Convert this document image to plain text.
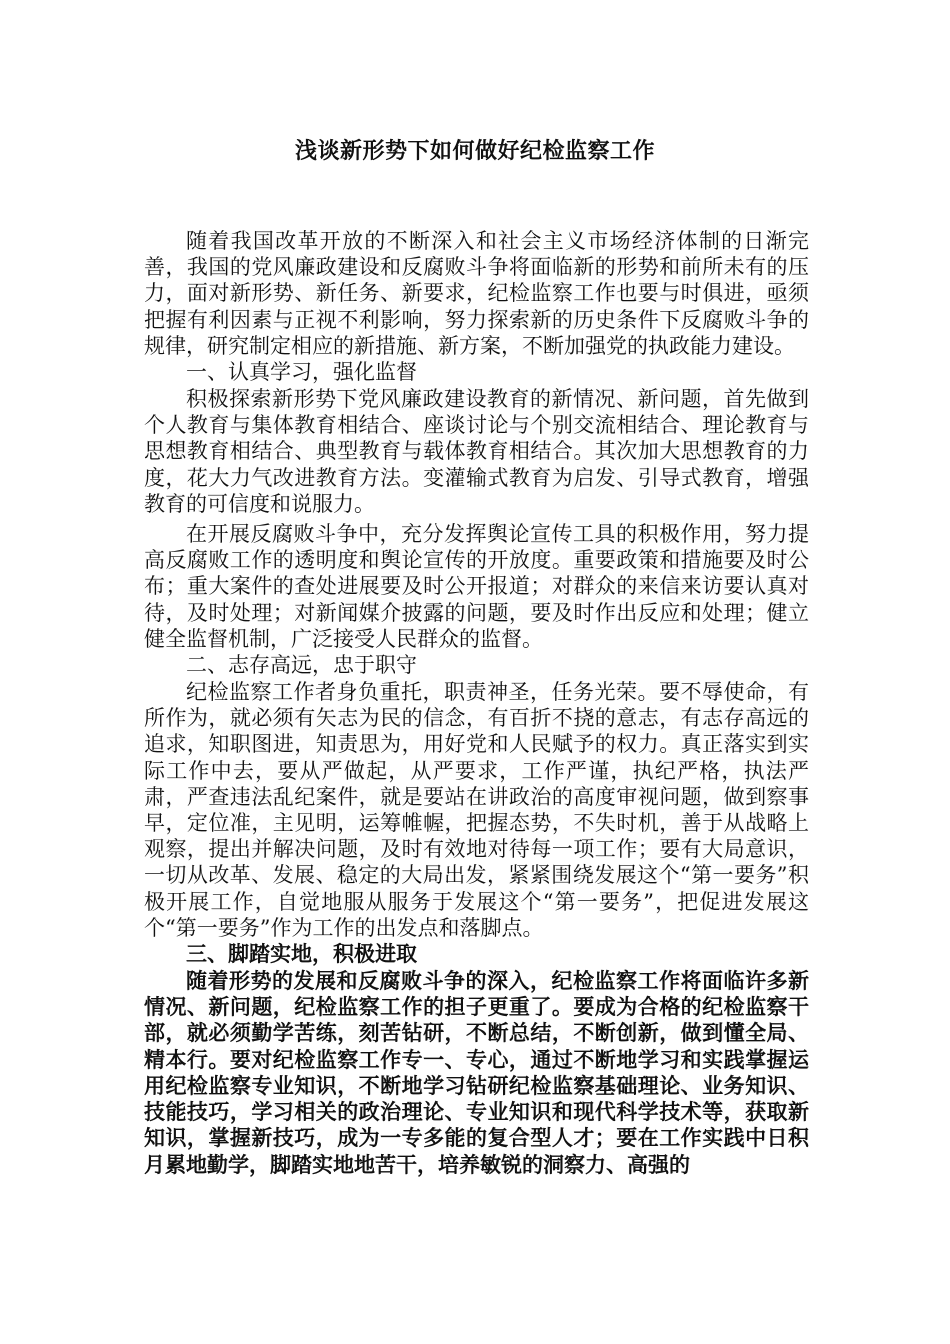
浅谈新形势下如何做好纪检监察工作

随着我国改革开放的不断深入和社会主义市场经济体制的日渐完善，我国的党风廉政建设和反腐败斗争将面临新的形势和前所未有的压力，面对新形势、新任务、新要求，纪检监察工作也要与时俱进，亟须把握有利因素与正视不利影响，努力探索新的历史条件下反腐败斗争的规律，研究制定相应的新措施、新方案，不断加强党的执政能力建设。

一、认真学习，强化监督

积极探索新形势下党风廉政建设教育的新情况、新问题，首先做到个人教育与集体教育相结合、座谈讨论与个别交流相结合、理论教育与思想教育相结合、典型教育与载体教育相结合。其次加大思想教育的力度，花大力气改进教育方法。变灌输式教育为启发、引导式教育，增强教育的可信度和说服力。

在开展反腐败斗争中，充分发挥舆论宣传工具的积极作用，努力提高反腐败工作的透明度和舆论宣传的开放度。重要政策和措施要及时公布；重大案件的查处进展要及时公开报道；对群众的来信来访要认真对待，及时处理；对新闻媒介披露的问题，要及时作出反应和处理；健立健全监督机制，广泛接受人民群众的监督。

二、志存高远，忠于职守

纪检监察工作者身负重托，职责神圣，任务光荣。要不辱使命，有所作为，就必须有矢志为民的信念，有百折不挠的意志，有志存高远的追求，知职图进，知责思为，用好党和人民赋予的权力。真正落实到实际工作中去，要从严做起，从严要求，工作严谨，执纪严格，执法严肃，严查违法乱纪案件，就是要站在讲政治的高度审视问题，做到察事早，定位准，主见明，运筹帷幄，把握态势，不失时机，善于从战略上观察，提出并解决问题，及时有效地对待每一项工作；要有大局意识，一切从改革、发展、稳定的大局出发，紧紧围绕发展这个“第一要务”积极开展工作，自觉地服从服务于发展这个“第一要务”，把促进发展这个“第一要务”作为工作的出发点和落脚点。

三、脚踏实地，积极进取

随着形势的发展和反腐败斗争的深入，纪检监察工作将面临许多新情况、新问题，纪检监察工作的担子更重了。要成为合格的纪检监察干部，就必须勤学苦练，刻苦钻研，不断总结，不断创新，做到懂全局、精本行。要对纪检监察工作专一、专心，通过不断地学习和实践掌握运用纪检监察专业知识，不断地学习钻研纪检监察基础理论、业务知识、技能技巧，学习相关的政治理论、专业知识和现代科学技术等，获取新知识，掌握新技巧，成为一专多能的复合型人才；要在工作实践中日积月累地勤学，脚踏实地地苦干，培养敏锐的洞察力、高强的
